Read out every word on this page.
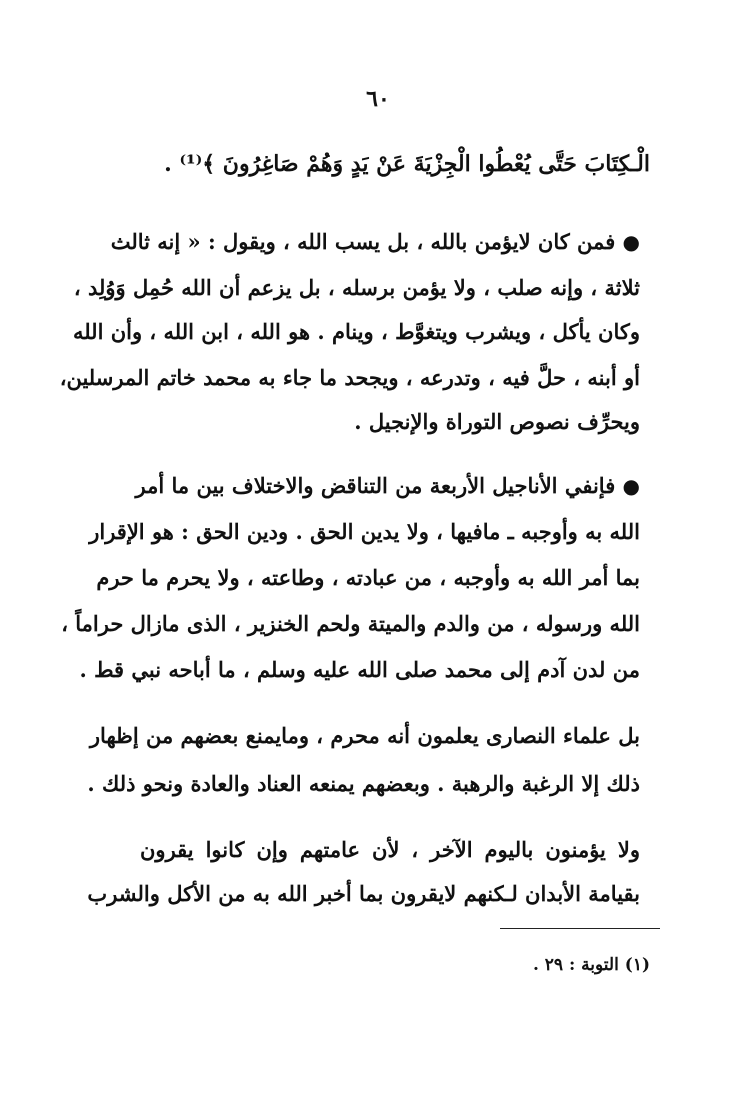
٦٠
الْـكِتَابَ حَتَّى يُعْطُوا الْجِزْيَةَ عَنْ يَدٍ وَهُمْ صَاغِرُونَ ﴾⁽¹⁾ .
● فمن كان لايؤمن بالله ، بل يسب الله ، ويقول : « إنه ثالث
ثلاثة ، وإنه صلب ، ولا يؤمن برسله ، بل يزعم أن الله حُمِل وَوُلِد ،
وكان يأكل ، ويشرب ويتغوَّط ، وينام . هو الله ، ابن الله ، وأن الله
أو أبنه ، حلَّ فيه ، وتدرعه ، ويجحد ما جاء به محمد خاتم المرسلين،
ويحرِّف نصوص التوراة والإنجيل .
● فإنفي الأناجيل الأربعة من التناقض والاختلاف بين ما أمر
الله به وأوجبه ـ مافيها ، ولا يدين الحق . ودين الحق : هو الإقرار
بما أمر الله به وأوجبه ، من عبادته ، وطاعته ، ولا يحرم ما حرم
الله ورسوله ، من والدم والميتة ولحم الخنزير ، الذى مازال حراماً ،
من لدن آدم إلى محمد صلى الله عليه وسلم ، ما أباحه نبي قط .
بل علماء النصارى يعلمون أنه محرم ، ومايمنع بعضهم من إظهار
ذلك إلا الرغبة والرهبة . وبعضهم يمنعه العناد والعادة ونحو ذلك .
ولا يؤمنون باليوم الآخر ، لأن عامتهم وإن كانوا يقرون
بقيامة الأبدان لـكنهم لايقرون بما أخبر الله به من الأكل والشرب
(١) التوبة : ٢٩ .
